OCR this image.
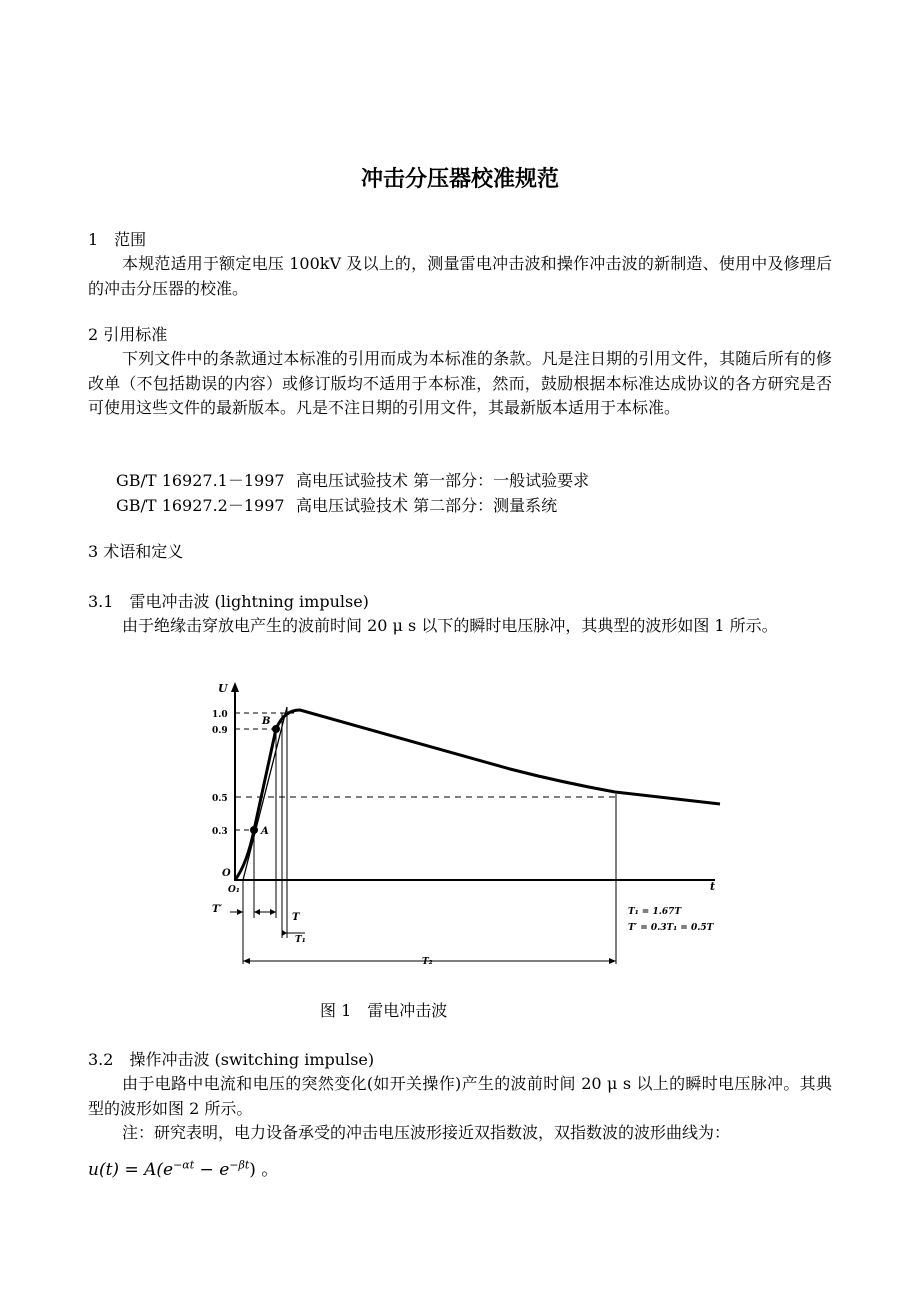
冲击分压器校准规范
1　范围
本规范适用于额定电压 100kV 及以上的，测量雷电冲击波和操作冲击波的新制造、使用中及修理后的冲击分压器的校准。
2 引用标准
下列文件中的条款通过本标准的引用而成为本标准的条款。凡是注日期的引用文件，其随后所有的修改单（不包括勘误的内容）或修订版均不适用于本标准，然而，鼓励根据本标准达成协议的各方研究是否可使用这些文件的最新版本。凡是不注日期的引用文件，其最新版本适用于本标准。
GB/T 16927.1－1997 高电压试验技术 第一部分：一般试验要求
GB/T 16927.2－1997 高电压试验技术 第二部分：测量系统
3 术语和定义
3.1　雷电冲击波 (lightning impulse)
由于绝缘击穿放电产生的波前时间 20 μ s 以下的瞬时电压脉冲，其典型的波形如图 1 所示。
U
t
O
O₁
1.0
0.9
0.5
0.3	A
B
T′
T
T₁
T₂
T₁ = 1.67T
T′ = 0.3T₁ = 0.5T
图 1　雷电冲击波
3.2　操作冲击波 (switching impulse)
由于电路中电流和电压的突然变化(如开关操作)产生的波前时间 20 μ s 以上的瞬时电压脉冲。其典型的波形如图 2 所示。
注：研究表明，电力设备承受的冲击电压波形接近双指数波，双指数波的波形曲线为：
$u(t) = A(e^{-\alpha t} - e^{-\beta t})$ 。
